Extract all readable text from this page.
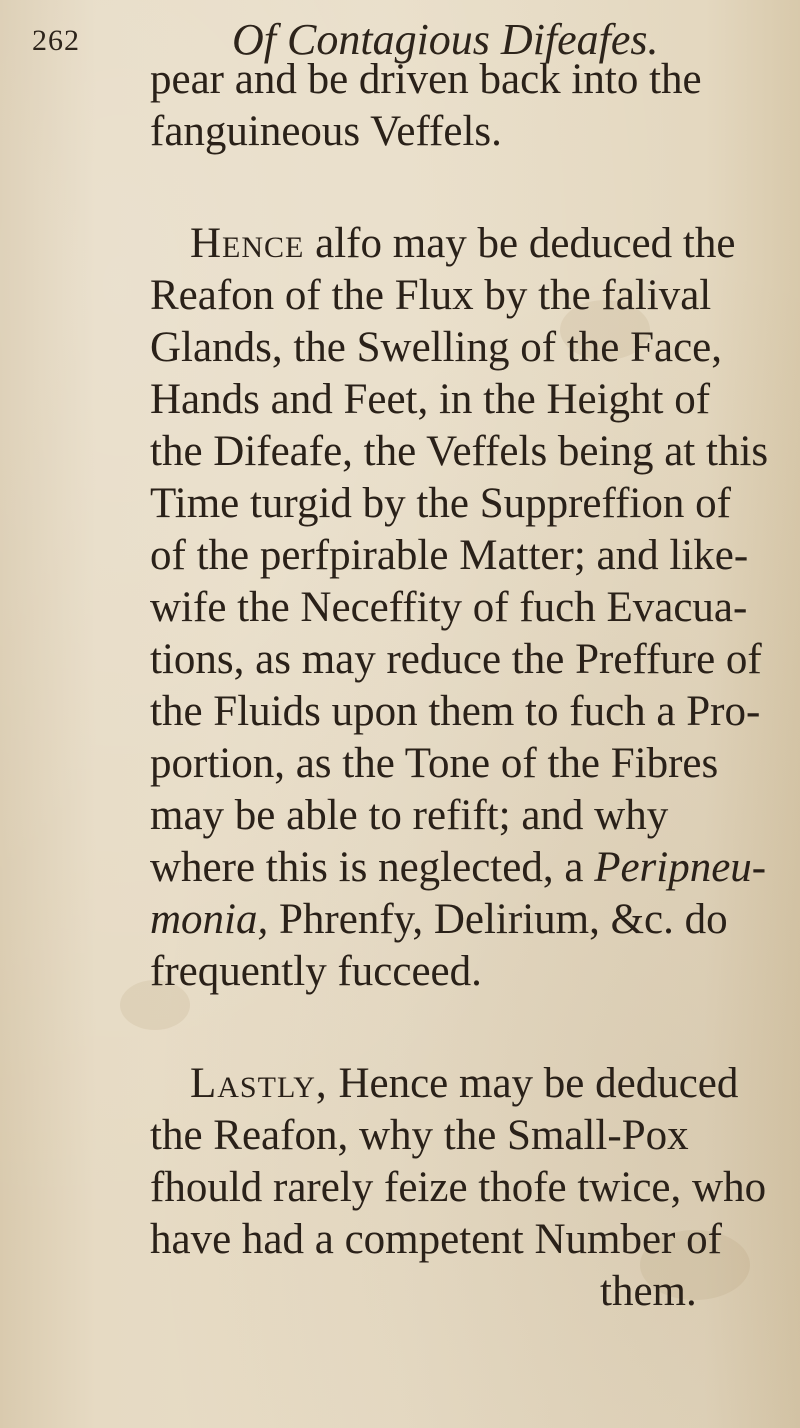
262	Of Contagious Difeafes.
pear and be driven back into the
fanguineous Veffels.
Hence alfo may be deduced the
Reafon of the Flux by the falival
Glands, the Swelling of the Face,
Hands and Feet, in the Height of
the Difeafe, the Veffels being at this
Time turgid by the Suppreffion of
of the perfpirable Matter; and like-
wife the Neceffity of fuch Evacua-
tions, as may reduce the Preffure of
the Fluids upon them to fuch a Pro-
portion, as the Tone of the Fibres
may be able to refift; and why
where this is neglected, a Peripneu-
monia, Phrenfy, Delirium, &c. do
frequently fucceed.
Lastly, Hence may be deduced
the Reafon, why the Small-Pox
fhould rarely feize thofe twice, who
have had a competent Number of
them.
